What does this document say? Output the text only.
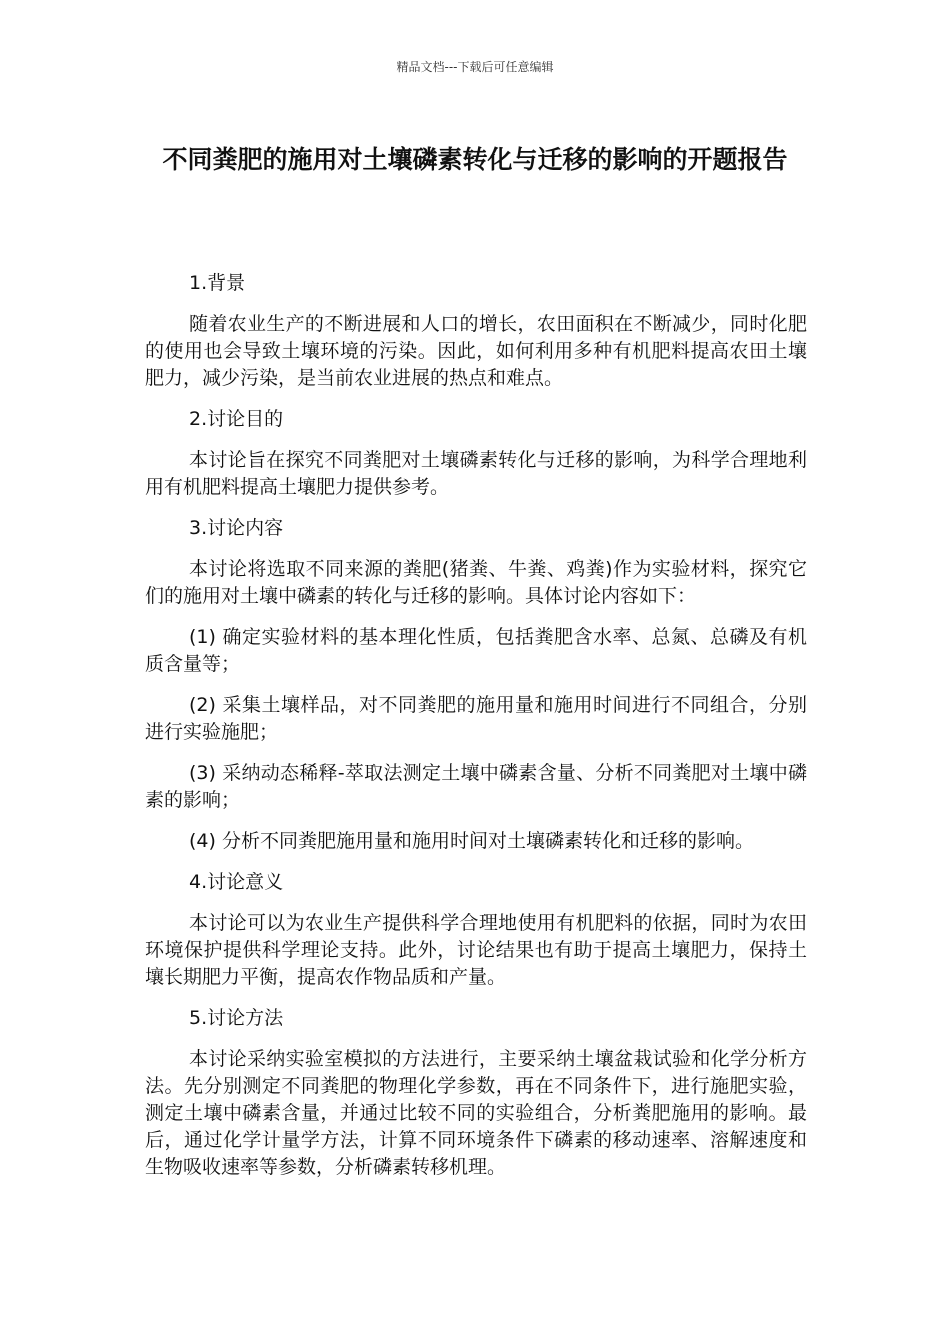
精品文档---下载后可任意编辑
不同粪肥的施用对土壤磷素转化与迁移的影响的开题报告
1.背景
随着农业生产的不断进展和人口的增长，农田面积在不断减少，同时化肥的使用也会导致土壤环境的污染。因此，如何利用多种有机肥料提高农田土壤肥力，减少污染，是当前农业进展的热点和难点。
2.讨论目的
本讨论旨在探究不同粪肥对土壤磷素转化与迁移的影响，为科学合理地利用有机肥料提高土壤肥力提供参考。
3.讨论内容
本讨论将选取不同来源的粪肥(猪粪、牛粪、鸡粪)作为实验材料，探究它们的施用对土壤中磷素的转化与迁移的影响。具体讨论内容如下：
(1) 确定实验材料的基本理化性质，包括粪肥含水率、总氮、总磷及有机质含量等；
(2) 采集土壤样品，对不同粪肥的施用量和施用时间进行不同组合，分别进行实验施肥；
(3) 采纳动态稀释-萃取法测定土壤中磷素含量、分析不同粪肥对土壤中磷素的影响；
(4) 分析不同粪肥施用量和施用时间对土壤磷素转化和迁移的影响。
4.讨论意义
本讨论可以为农业生产提供科学合理地使用有机肥料的依据，同时为农田环境保护提供科学理论支持。此外，讨论结果也有助于提高土壤肥力，保持土壤长期肥力平衡，提高农作物品质和产量。
5.讨论方法
本讨论采纳实验室模拟的方法进行，主要采纳土壤盆栽试验和化学分析方法。先分别测定不同粪肥的物理化学参数，再在不同条件下，进行施肥实验，测定土壤中磷素含量，并通过比较不同的实验组合，分析粪肥施用的影响。最后，通过化学计量学方法，计算不同环境条件下磷素的移动速率、溶解速度和生物吸收速率等参数，分析磷素转移机理。
